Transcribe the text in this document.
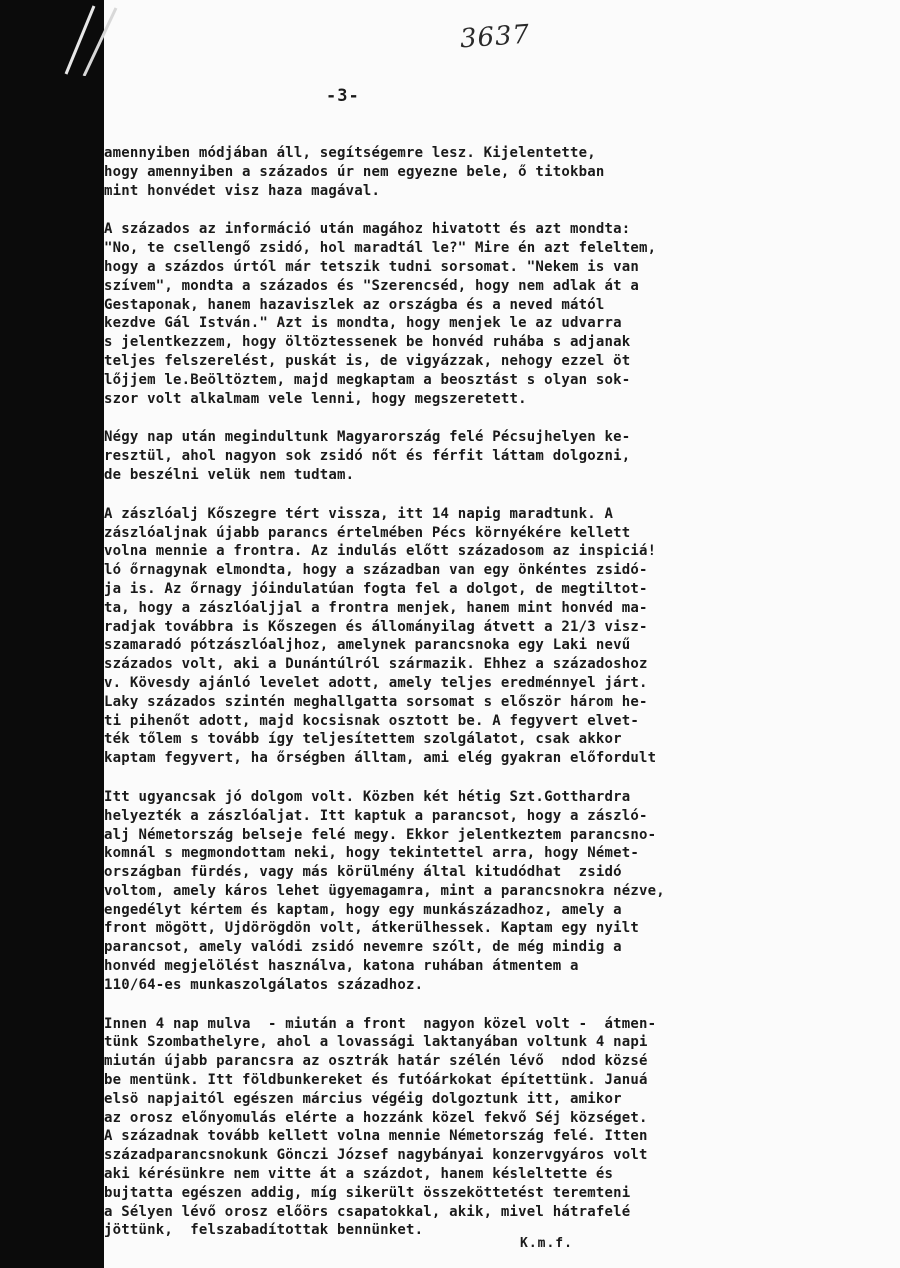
3637
-3-
amennyiben módjában áll, segítségemre lesz. Kijelentette,
hogy amennyiben a százados úr nem egyezne bele, ő titokban
mint honvédet visz haza magával.
A százados az információ után magához hivatott és azt mondta:
"No, te csellengő zsidó, hol maradtál le?" Mire én azt feleltem,
hogy a százdos úrtól már tetszik tudni sorsomat. "Nekem is van
szívem", mondta a százados és "Szerencséd, hogy nem adlak át a
Gestaponak, hanem hazaviszlek az országba és a neved mától
kezdve Gál István." Azt is mondta, hogy menjek le az udvarra
s jelentkezzem, hogy öltöztessenek be honvéd ruhába s adjanak
teljes felszerelést, puskát is, de vigyázzak, nehogy ezzel öt
lőjjem le.Beöltöztem, majd megkaptam a beosztást s olyan sok-
szor volt alkalmam vele lenni, hogy megszeretett.
Négy nap után megindultunk Magyarország felé Pécsujhelyen ke-
resztül, ahol nagyon sok zsidó nőt és férfit láttam dolgozni,
de beszélni velük nem tudtam.
A zászlóalj Kőszegre tért vissza, itt 14 napig maradtunk. A
zászlóaljnak újabb parancs értelmében Pécs környékére kellett
volna mennie a frontra. Az indulás előtt századosom az inspiciá!
ló őrnagynak elmondta, hogy a században van egy önkéntes zsidó-
ja is. Az őrnagy jóindulatúan fogta fel a dolgot, de megtiltot-
ta, hogy a zászlóaljjal a frontra menjek, hanem mint honvéd ma-
radjak továbbra is Kőszegen és állományilag átvett a 21/3 visz-
szamaradó pótzászlóaljhoz, amelynek parancsnoka egy Laki nevű
százados volt, aki a Dunántúlról származik. Ehhez a századoshoz
v. Kövesdy ajánló levelet adott, amely teljes eredménnyel járt.
Laky százados szintén meghallgatta sorsomat s először három he-
ti pihenőt adott, majd kocsisnak osztott be. A fegyvert elvet-
ték tőlem s tovább így teljesítettem szolgálatot, csak akkor
kaptam fegyvert, ha őrségben álltam, ami elég gyakran előfordult
Itt ugyancsak jó dolgom volt. Közben két hétig Szt.Gotthardra
helyezték a zászlóaljat. Itt kaptuk a parancsot, hogy a zászló-
alj Németország belseje felé megy. Ekkor jelentkeztem parancsno-
komnál s megmondottam neki, hogy tekintettel arra, hogy Német-
országban fürdés, vagy más körülmény által kitudódhat  zsidó
voltom, amely káros lehet ügyemagamra, mint a parancsnokra nézve,
engedélyt kértem és kaptam, hogy egy munkászázadhoz, amely a
front mögött, Ujdörögdön volt, átkerülhessek. Kaptam egy nyilt
parancsot, amely valódi zsidó nevemre szólt, de még mindig a
honvéd megjelölést használva, katona ruhában átmentem a
110/64-es munkaszolgálatos századhoz.
Innen 4 nap mulva  - miután a front  nagyon közel volt -  átmen-
tünk Szombathelyre, ahol a lovassági laktanyában voltunk 4 napi
miután újabb parancsra az osztrák határ szélén lévő  ndod közsé
be mentünk. Itt földbunkereket és futóárkokat építettünk. Januá
elsö napjaitól egészen március végéig dolgoztunk itt, amikor
az orosz előnyomulás elérte a hozzánk közel fekvő Séj községet.
A századnak tovább kellett volna mennie Németország felé. Itten
századparancsnokunk Gönczi József nagybányai konzervgyáros volt
aki kérésünkre nem vitte át a százdot, hanem késleltette és
bujtatta egészen addig, míg sikerült összeköttetést teremteni
a Sélyen lévő orosz előörs csapatokkal, akik, mivel hátrafelé
jöttünk,  felszabadítottak bennünket.
K.m.f.
